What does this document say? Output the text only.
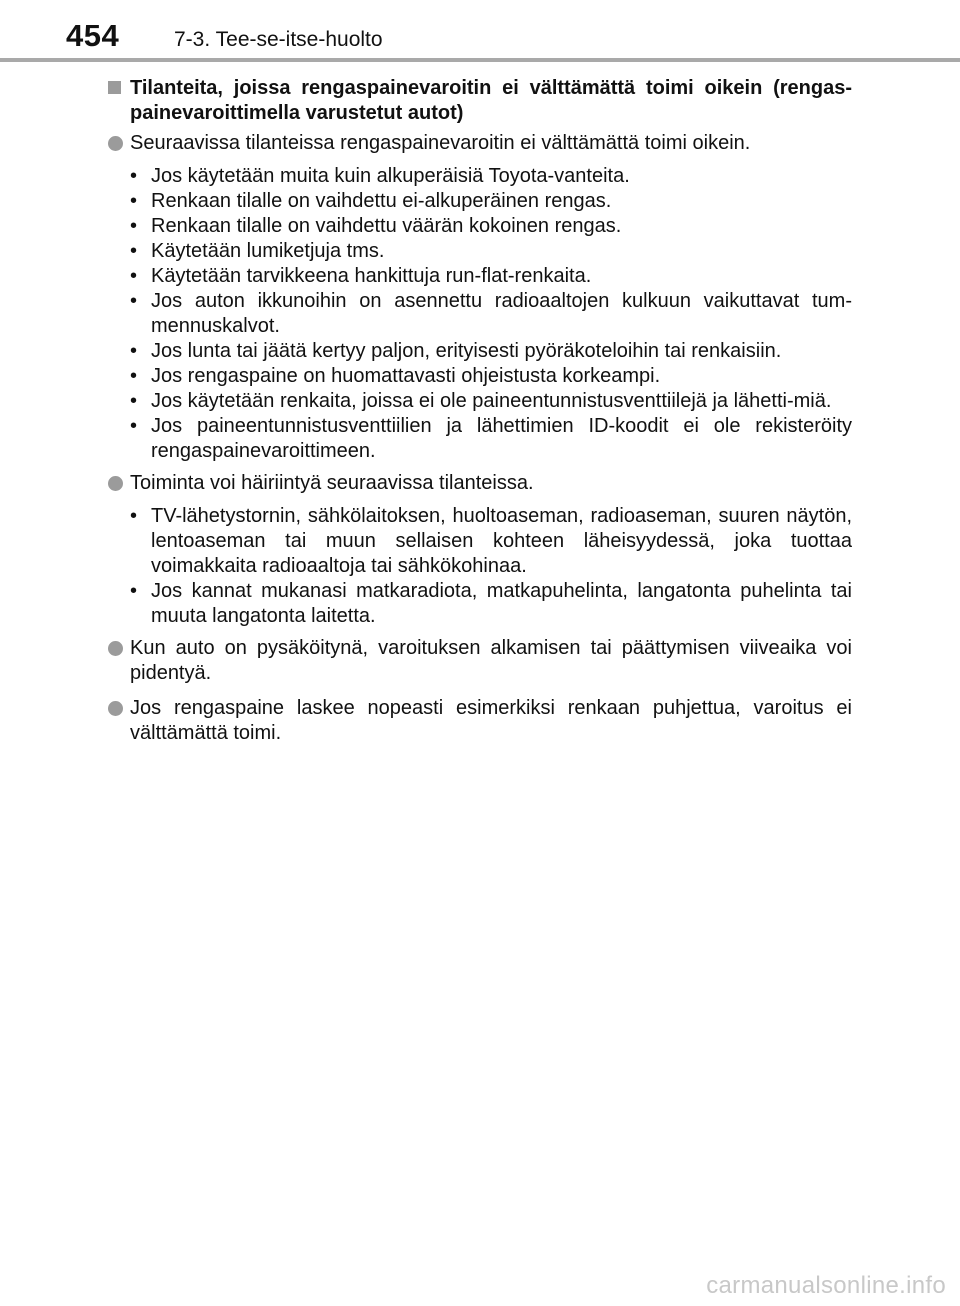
454	7-3. Tee-se-itse-huolto
Tilanteita, joissa rengaspainevaroitin ei välttämättä toimi oikein (rengas-painevaroittimella varustetut autot)
Seuraavissa tilanteissa rengaspainevaroitin ei välttämättä toimi oikein.
• Jos käytetään muita kuin alkuperäisiä Toyota-vanteita.
• Renkaan tilalle on vaihdettu ei-alkuperäinen rengas.
• Renkaan tilalle on vaihdettu väärän kokoinen rengas.
• Käytetään lumiketjuja tms.
• Käytetään tarvikkeena hankittuja run-flat-renkaita.
• Jos auton ikkunoihin on asennettu radioaaltojen kulkuun vaikuttavat tum-mennuskalvot.
• Jos lunta tai jäätä kertyy paljon, erityisesti pyöräkoteloihin tai renkaisiin.
• Jos rengaspaine on huomattavasti ohjeistusta korkeampi.
• Jos käytetään renkaita, joissa ei ole paineentunnistusventtiilejä ja lähetti-miä.
• Jos paineentunnistusventtiilien ja lähettimien ID-koodit ei ole rekisteröity rengaspainevaroittimeen.
Toiminta voi häiriintyä seuraavissa tilanteissa.
• TV-lähetystornin, sähkölaitoksen, huoltoaseman, radioaseman, suuren näytön, lentoaseman tai muun sellaisen kohteen läheisyydessä, joka tuottaa voimakkaita radioaaltoja tai sähkökohinaa.
• Jos kannat mukanasi matkaradiota, matkapuhelinta, langatonta puhelinta tai muuta langatonta laitetta.
Kun auto on pysäköitynä, varoituksen alkamisen tai päättymisen viiveaika voi pidentyä.
Jos rengaspaine laskee nopeasti esimerkiksi renkaan puhjettua, varoitus ei välttämättä toimi.
carmanualsonline.info
